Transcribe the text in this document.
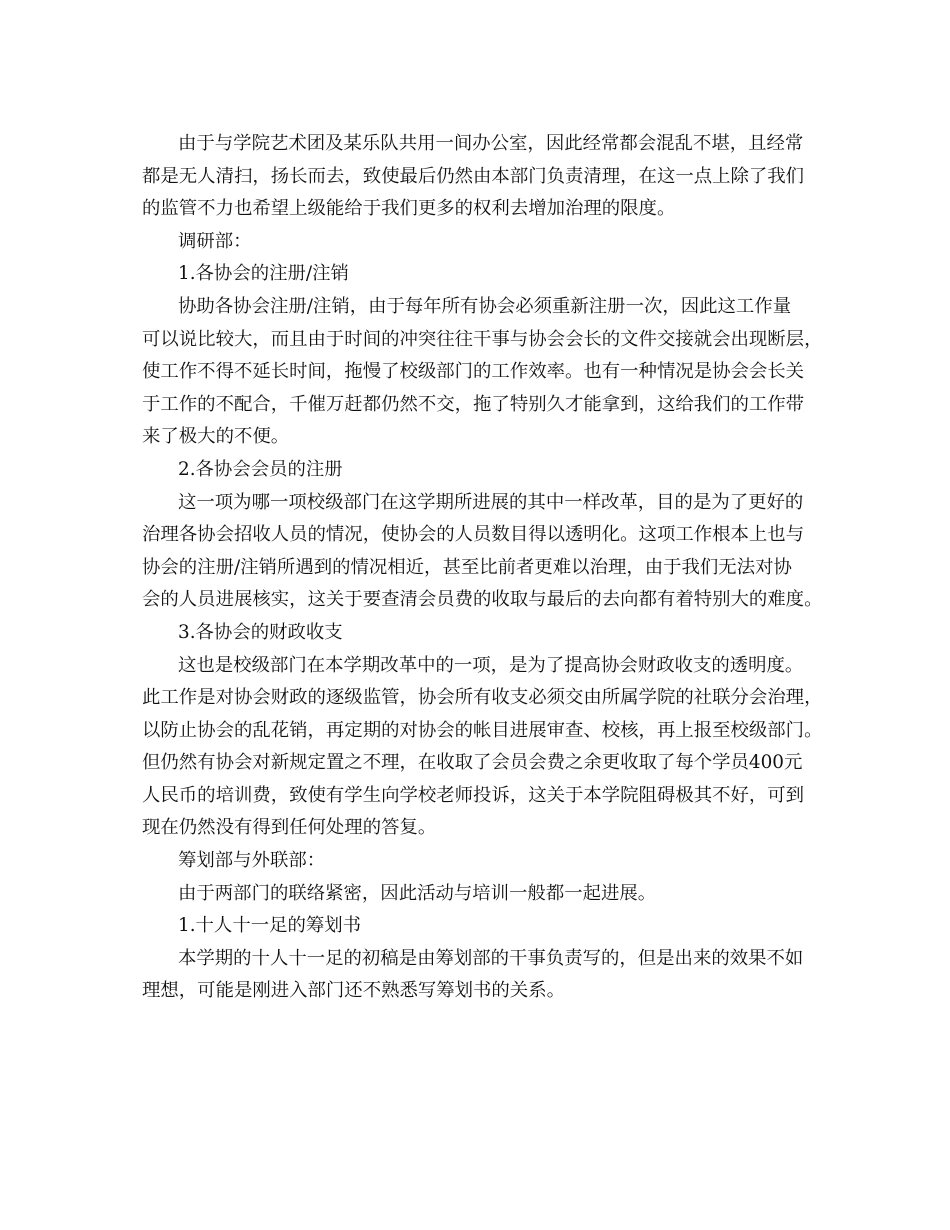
由于与学院艺术团及某乐队共用一间办公室，因此经常都会混乱不堪，且经常
都是无人清扫，扬长而去，致使最后仍然由本部门负责清理，在这一点上除了我们
的监管不力也希望上级能给于我们更多的权利去增加治理的限度。
调研部：
1.各协会的注册/注销
协助各协会注册/注销，由于每年所有协会必须重新注册一次，因此这工作量
可以说比较大，而且由于时间的冲突往往干事与协会会长的文件交接就会出现断层，
使工作不得不延长时间，拖慢了校级部门的工作效率。也有一种情况是协会会长关
于工作的不配合，千催万赶都仍然不交，拖了特别久才能拿到，这给我们的工作带
来了极大的不便。
2.各协会会员的注册
这一项为哪一项校级部门在这学期所进展的其中一样改革，目的是为了更好的
治理各协会招收人员的情况，使协会的人员数目得以透明化。这项工作根本上也与
协会的注册/注销所遇到的情况相近，甚至比前者更难以治理，由于我们无法对协
会的人员进展核实，这关于要查清会员费的收取与最后的去向都有着特别大的难度。
3.各协会的财政收支
这也是校级部门在本学期改革中的一项，是为了提高协会财政收支的透明度。
此工作是对协会财政的逐级监管，协会所有收支必须交由所属学院的社联分会治理，
以防止协会的乱花销，再定期的对协会的帐目进展审查、校核，再上报至校级部门。
但仍然有协会对新规定置之不理，在收取了会员会费之余更收取了每个学员400元
人民币的培训费，致使有学生向学校老师投诉，这关于本学院阻碍极其不好，可到
现在仍然没有得到任何处理的答复。
筹划部与外联部：
由于两部门的联络紧密，因此活动与培训一般都一起进展。
1.十人十一足的筹划书
本学期的十人十一足的初稿是由筹划部的干事负责写的，但是出来的效果不如
理想，可能是刚进入部门还不熟悉写筹划书的关系。
